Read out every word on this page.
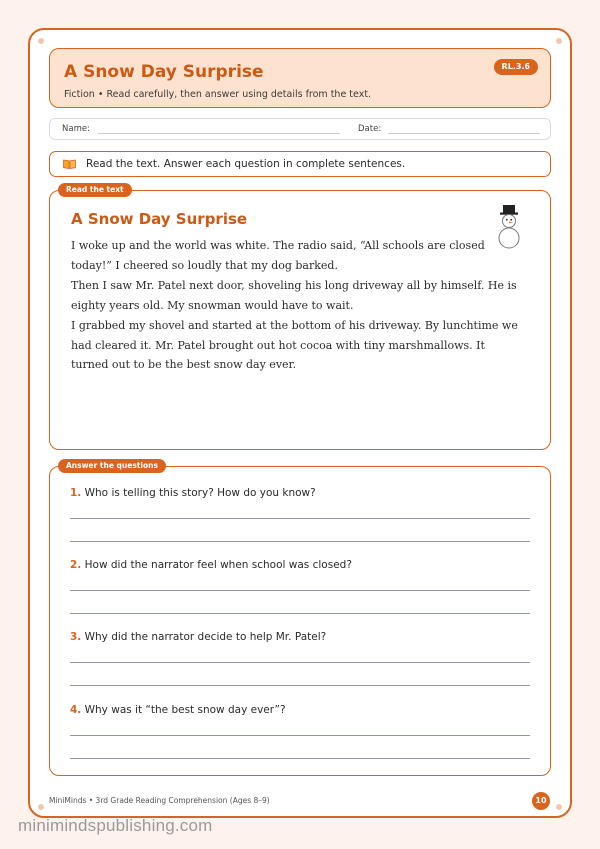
A Snow Day Surprise
Fiction • Read carefully, then answer using details from the text.
RL.3.6
Name:	Date:
Read the text. Answer each question in complete sentences.
Read the text
A Snow Day Surprise

I woke up and the world was white. The radio said, “All schools are closed today!” I cheered so loudly that my dog barked.

Then I saw Mr. Patel next door, shoveling his long driveway all by himself. He is eighty years old. My snowman would have to wait.

I grabbed my shovel and started at the bottom of his driveway. By lunchtime we had cleared it. Mr. Patel brought out hot cocoa with tiny marshmallows. It turned out to be the best snow day ever.

Answer the questions
1. Who is telling this story? How do you know?
2. How did the narrator feel when school was closed?
3. Why did the narrator decide to help Mr. Patel?
4. Why was it “the best snow day ever”?
MiniMinds • 3rd Grade Reading Comprehension (Ages 8–9)	10
minimindspublishing.com
